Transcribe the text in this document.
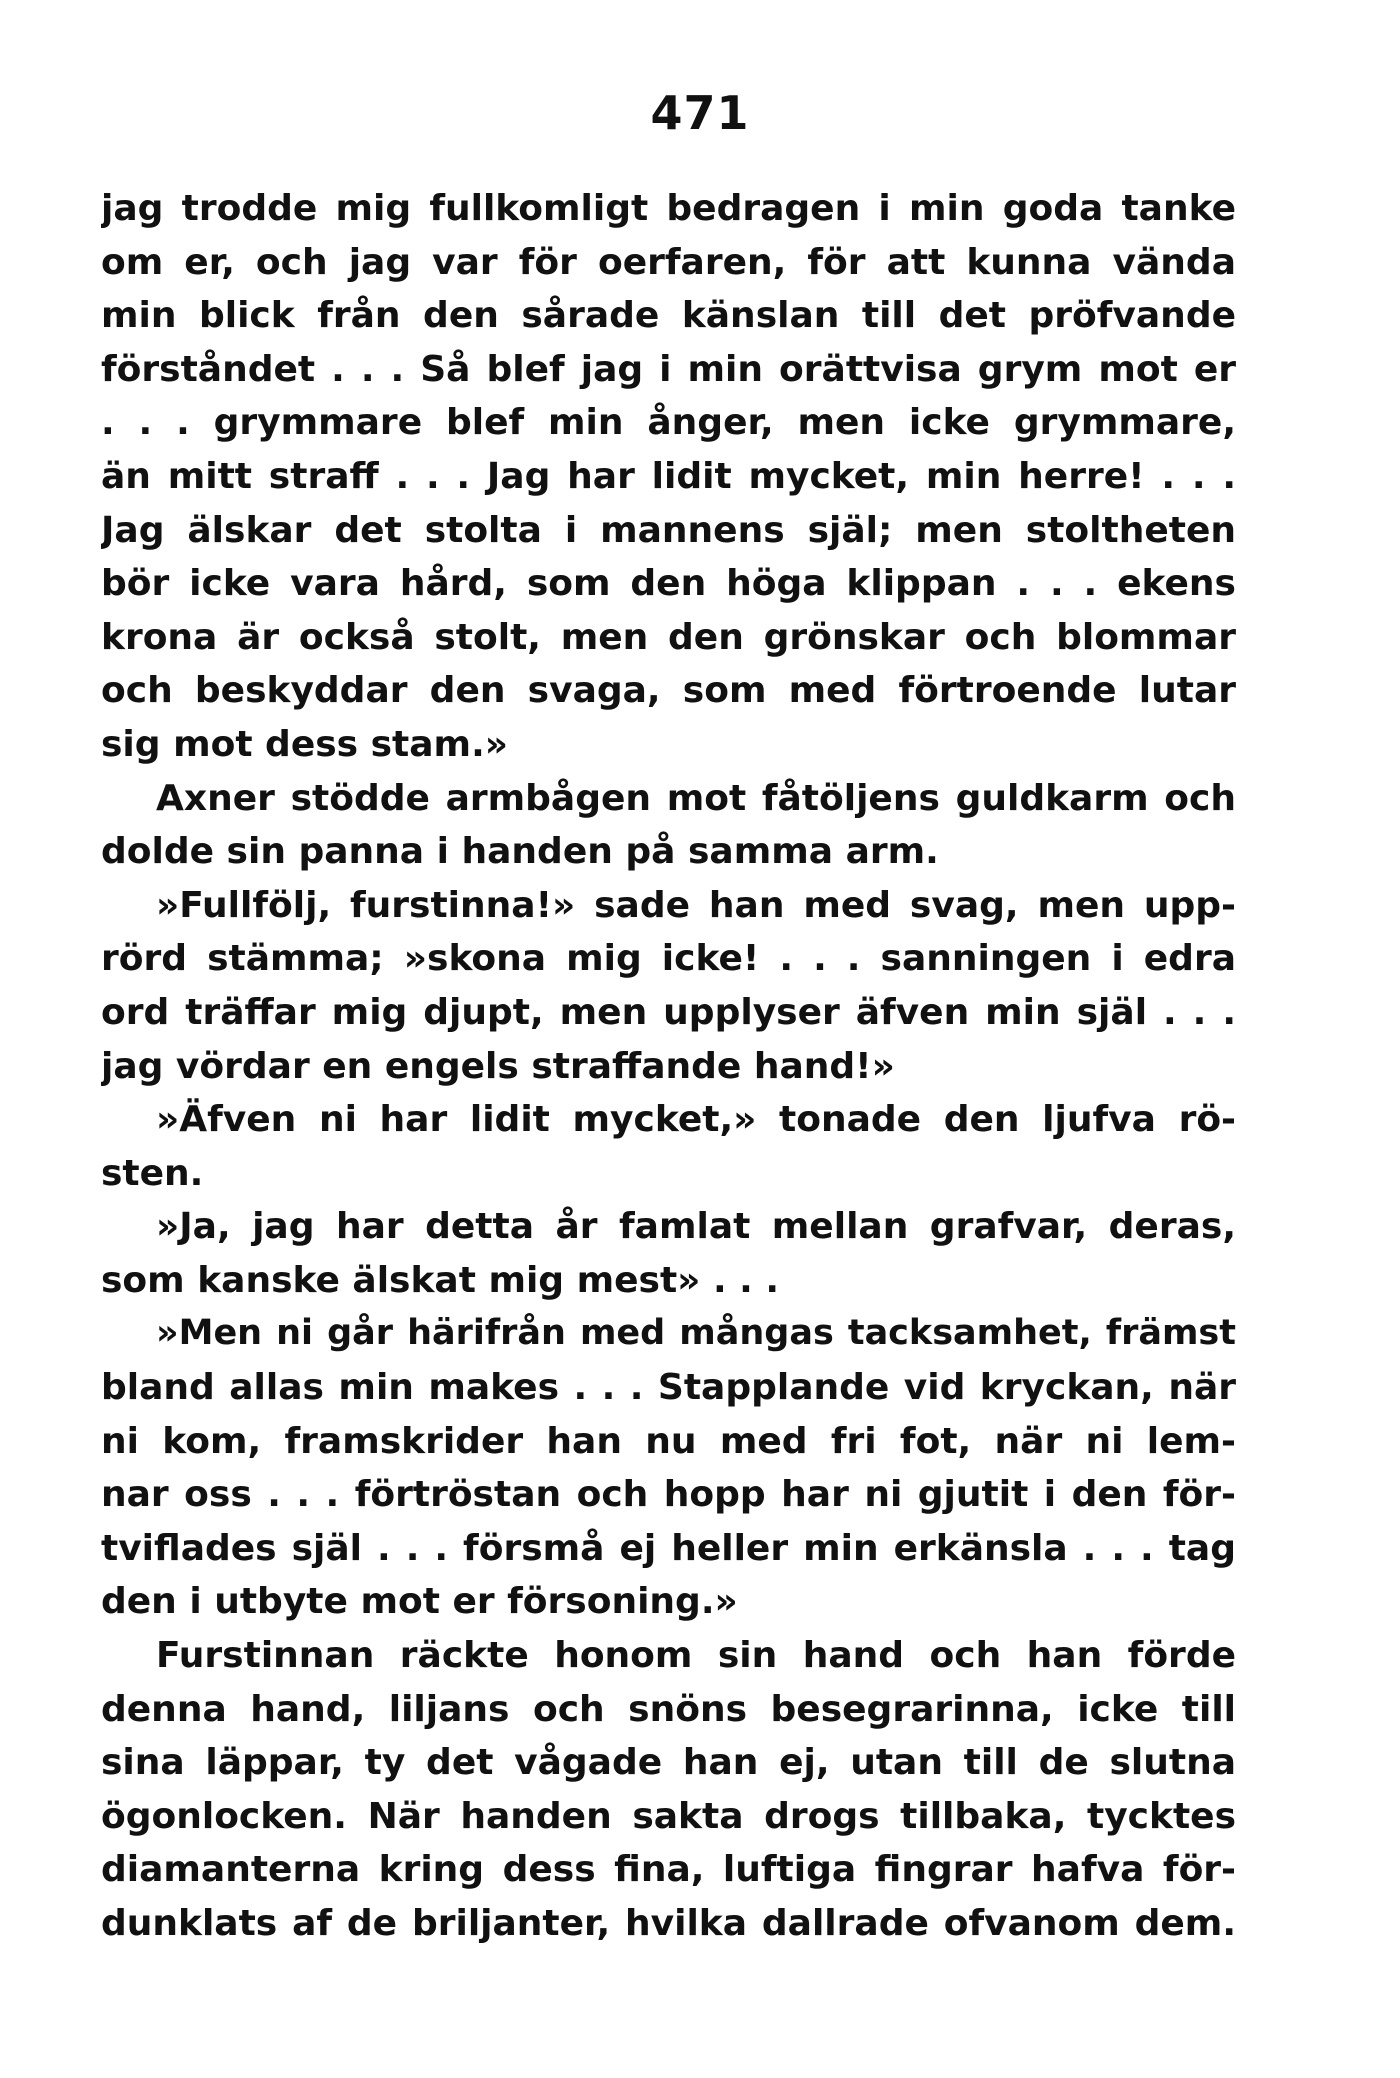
471
jag trodde mig fullkomligt bedragen i min goda tanke
om er, och jag var för oerfaren, för att kunna vända
min blick från den sårade känslan till det pröfvande
förståndet . . . Så blef jag i min orättvisa grym mot er
. . . grymmare blef min ånger, men icke grymmare,
än mitt straff . . . Jag har lidit mycket, min herre! . . .
Jag älskar det stolta i mannens själ; men stoltheten
bör icke vara hård, som den höga klippan . . . ekens
krona är också stolt, men den grönskar och blommar
och beskyddar den svaga, som med förtroende lutar
sig mot dess stam.»
Axner stödde armbågen mot fåtöljens guldkarm och
dolde sin panna i handen på samma arm.
»Fullfölj, furstinna!» sade han med svag, men upp-
rörd stämma; »skona mig icke! . . . sanningen i edra
ord träffar mig djupt, men upplyser äfven min själ . . .
jag vördar en engels straffande hand!»
»Äfven ni har lidit mycket,» tonade den ljufva rö-
sten.
»Ja, jag har detta år famlat mellan grafvar, deras,
som kanske älskat mig mest» . . .
»Men ni går härifrån med mångas tacksamhet, främst
bland allas min makes . . . Stapplande vid kryckan, när
ni kom, framskrider han nu med fri fot, när ni lem-
nar oss . . . förtröstan och hopp har ni gjutit i den för-
tviflades själ . . . försmå ej heller min erkänsla . . . tag
den i utbyte mot er försoning.»
Furstinnan räckte honom sin hand och han förde
denna hand, liljans och snöns besegrarinna, icke till
sina läppar, ty det vågade han ej, utan till de slutna
ögonlocken. När handen sakta drogs tillbaka, tycktes
diamanterna kring dess fina, luftiga fingrar hafva för-
dunklats af de briljanter, hvilka dallrade ofvanom dem.
